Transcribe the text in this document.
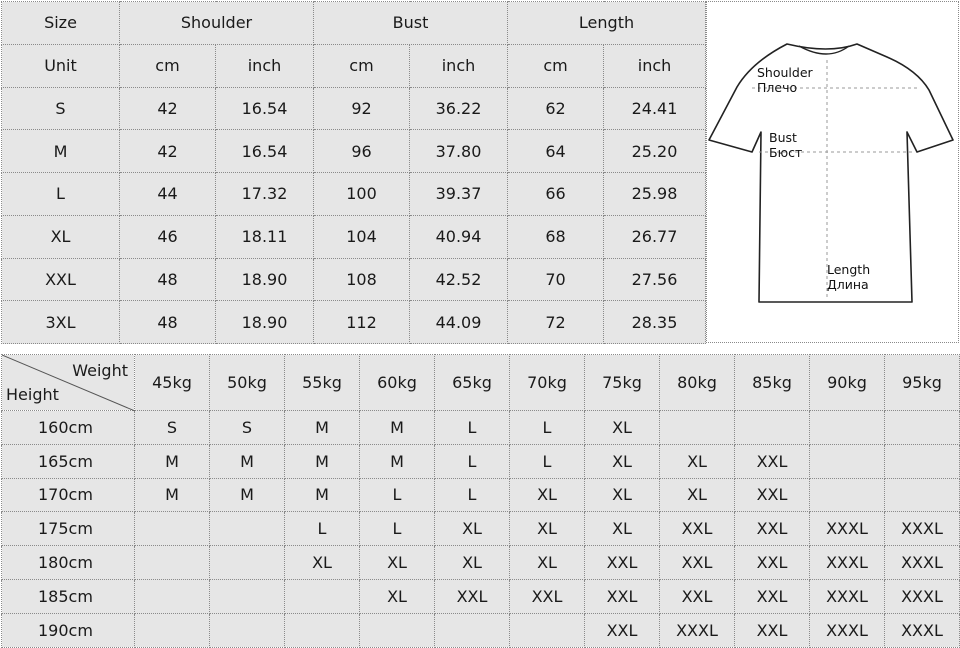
Size	Shoulder		Bust		Length	
Unit	cm	inch	cm	inch	cm	inch
S	42	16.54	92	36.22	62	24.41
M	42	16.54	96	37.80	64	25.20
L	44	17.32	100	39.37	66	25.98
XL	46	18.11	104	40.94	68	26.77
XXL	48	18.90	108	42.52	70	27.56
3XL	48	18.90	112	44.09	72	28.35
Shoulder
Плечо
Bust
Бюст
Length
Длина
Weight
Height	45kg	50kg	55kg	60kg	65kg	70kg	75kg	80kg	85kg	90kg	95kg
160cm	S	S	M	M	L	L	XL				
165cm	M	M	M	M	L	L	XL	XL	XXL		
170cm	M	M	M	L	L	XL	XL	XL	XXL		
175cm			L	L	XL	XL	XL	XXL	XXL	XXXL	XXXL
180cm			XL	XL	XL	XL	XXL	XXL	XXL	XXXL	XXXL
185cm				XL	XXL	XXL	XXL	XXL	XXL	XXXL	XXXL
190cm							XXL	XXXL	XXL	XXXL	XXXL
